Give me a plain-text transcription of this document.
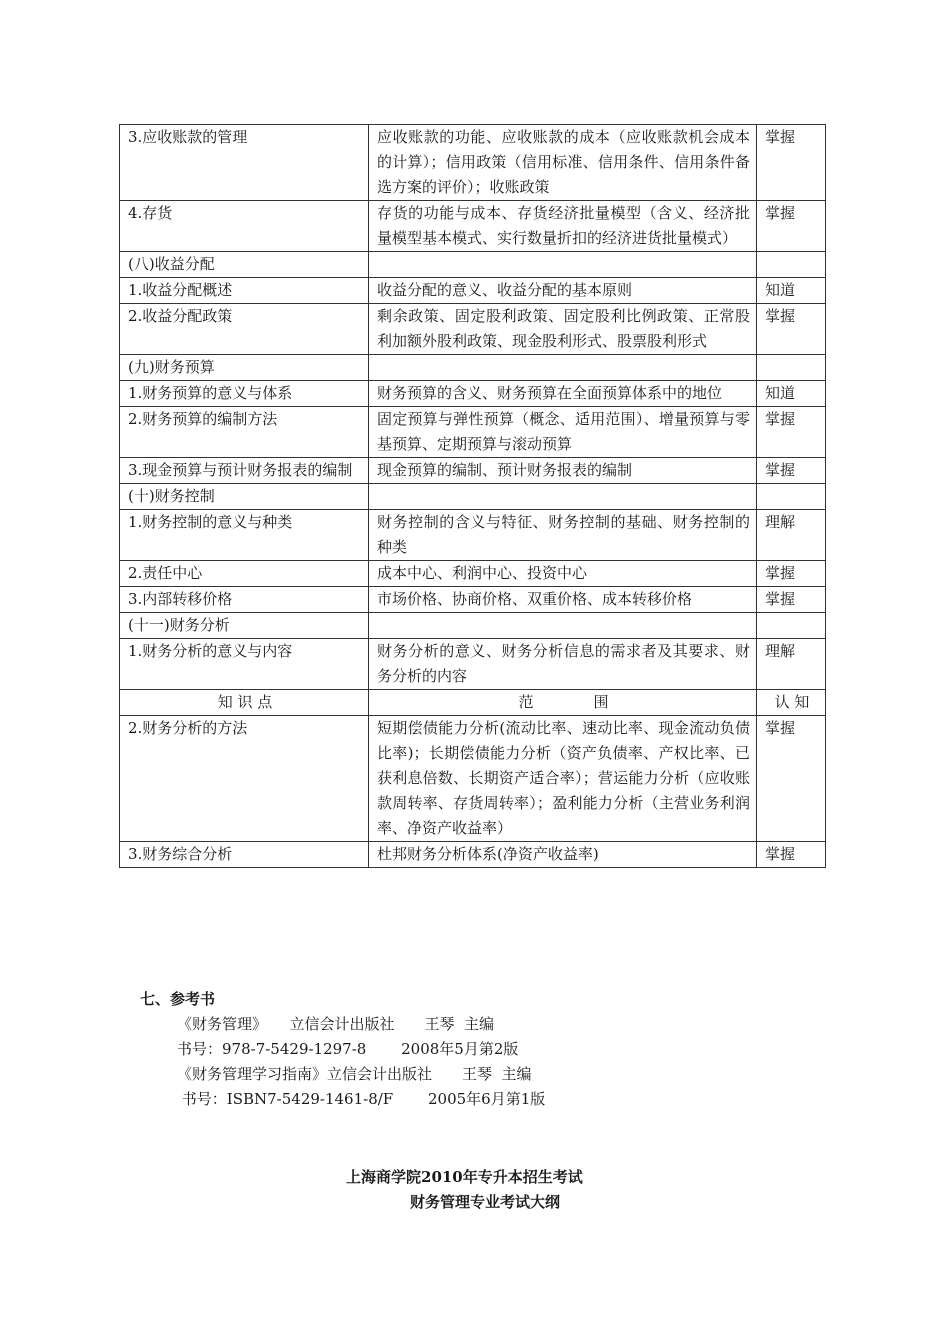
3.应收账款的管理	应收账款的功能、应收账款的成本（应收账款机会成本的计算）；信用政策（信用标准、信用条件、信用条件备选方案的评价）；收账政策	掌握
4.存货	存货的功能与成本、存货经济批量模型（含义、经济批量模型基本模式、实行数量折扣的经济进货批量模式）	掌握
(八)收益分配		
1.收益分配概述	收益分配的意义、收益分配的基本原则	知道
2.收益分配政策	剩余政策、固定股利政策、固定股利比例政策、正常股利加额外股利政策、现金股利形式、股票股利形式	掌握
(九)财务预算		
1.财务预算的意义与体系	财务预算的含义、财务预算在全面预算体系中的地位	知道
2.财务预算的编制方法	固定预算与弹性预算（概念、适用范围）、增量预算与零基预算、定期预算与滚动预算	掌握
3.现金预算与预计财务报表的编制	现金预算的编制、预计财务报表的编制	掌握
(十)财务控制		
1.财务控制的意义与种类	财务控制的含义与特征、财务控制的基础、财务控制的种类	理解
2.责任中心	成本中心、利润中心、投资中心	掌握
3.内部转移价格	市场价格、协商价格、双重价格、成本转移价格	掌握
(十一)财务分析		
1.财务分析的意义与内容	财务分析的意义、财务分析信息的需求者及其要求、财务分析的内容	理解
知 识 点	范　　　　围	认 知
2.财务分析的方法	短期偿债能力分析(流动比率、速动比率、现金流动负债比率)；长期偿债能力分析（资产负债率、产权比率、已获利息倍数、长期资产适合率）；营运能力分析（应收账款周转率、存货周转率）；盈利能力分析（主营业务利润率、净资产收益率）	掌握
3.财务综合分析	杜邦财务分析体系(净资产收益率)	掌握
七、参考书
《财务管理》　　立信会计出版社　　王琴  主编
书号：978-7-5429-1297-8　　 2008年5月第2版
《财务管理学习指南》立信会计出版社　　王琴  主编
书号：ISBN7-5429-1461-8/F　　 2005年6月第1版
上海商学院2010年专升本招生考试
财务管理专业考试大纲
